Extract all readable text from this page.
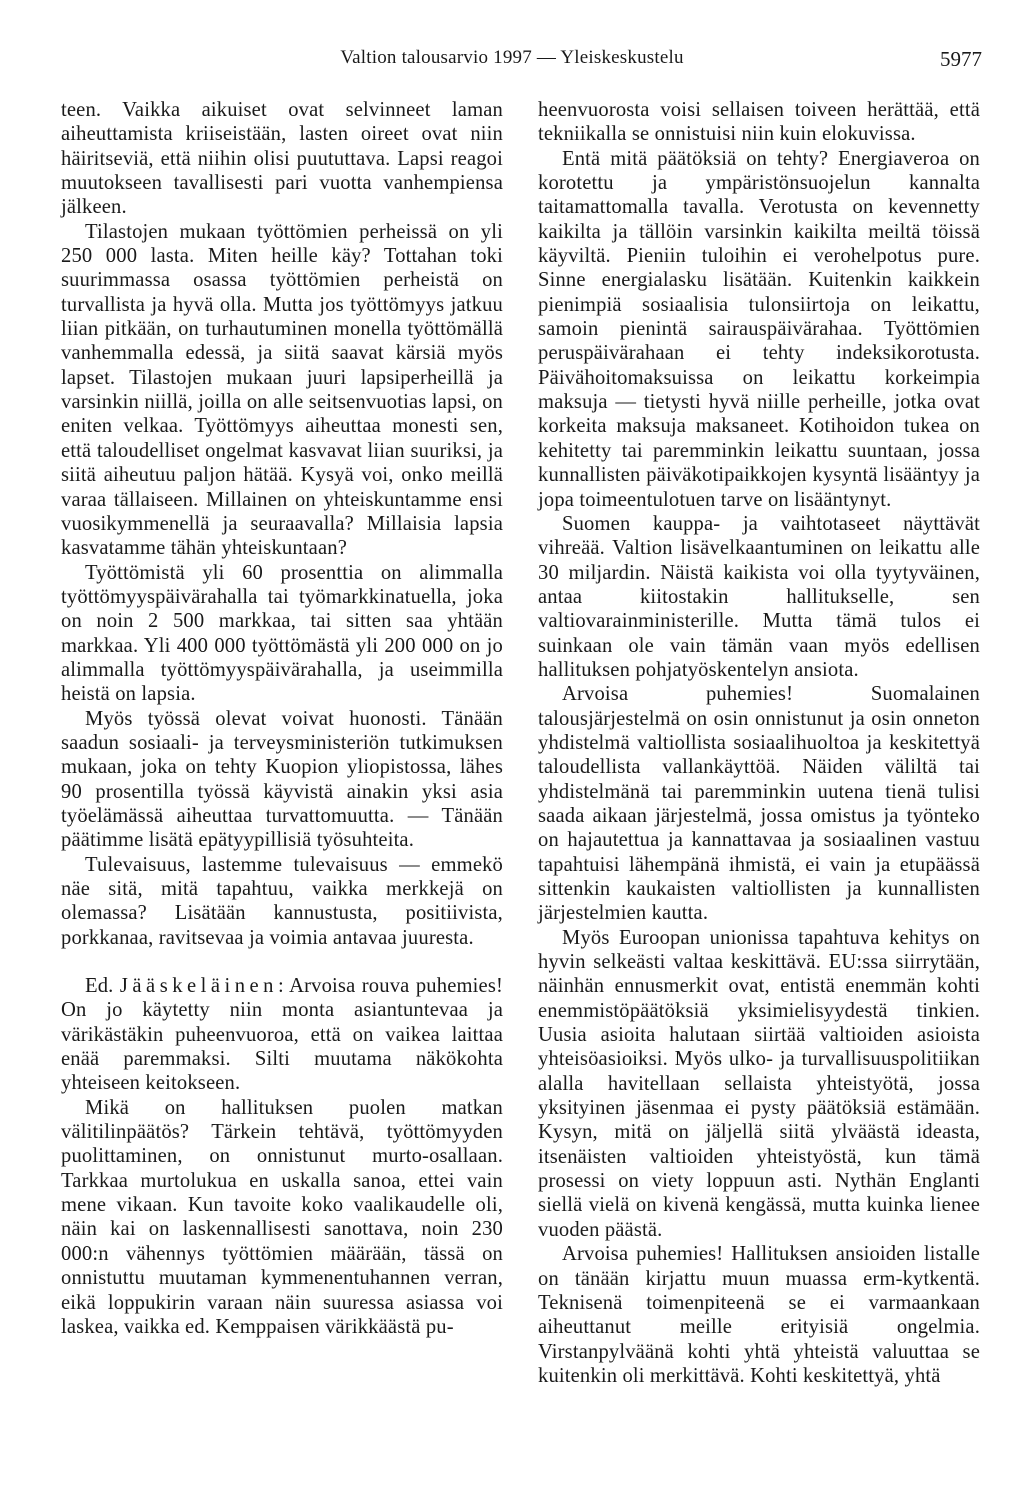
Valtion talousarvio 1997 — Yleiskeskustelu	5977

teen. Vaikka aikuiset ovat selvinneet laman aiheuttamista kriiseistään, lasten oireet ovat niin häiritseviä, että niihin olisi puututtava. Lapsi reagoi muutokseen tavallisesti pari vuotta vanhempiensa jälkeen.

Tilastojen mukaan työttömien perheissä on yli 250 000 lasta. Miten heille käy? Tottahan toki suurimmassa osassa työttömien perheistä on turvallista ja hyvä olla. Mutta jos työttömyys jatkuu liian pitkään, on turhautuminen monella työttömällä vanhemmalla edessä, ja siitä saavat kärsiä myös lapset. Tilastojen mukaan juuri lapsiperheillä ja varsinkin niillä, joilla on alle seitsenvuotias lapsi, on eniten velkaa. Työttömyys aiheuttaa monesti sen, että taloudelliset ongelmat kasvavat liian suuriksi, ja siitä aiheutuu paljon hätää. Kysyä voi, onko meillä varaa tällaiseen. Millainen on yhteiskuntamme ensi vuosikymmenellä ja seuraavalla? Millaisia lapsia kasvatamme tähän yhteiskuntaan?

Työttömistä yli 60 prosenttia on alimmalla työttömyyspäivärahalla tai työmarkkinatuella, joka on noin 2 500 markkaa, tai sitten saa yhtään markkaa. Yli 400 000 työttömästä yli 200 000 on jo alimmalla työttömyyspäivärahalla, ja useimmilla heistä on lapsia.

Myös työssä olevat voivat huonosti. Tänään saadun sosiaali- ja terveysministeriön tutkimuksen mukaan, joka on tehty Kuopion yliopistossa, lähes 90 prosentilla työssä käyvistä ainakin yksi asia työelämässä aiheuttaa turvattomuutta. — Tänään päätimme lisätä epätyypillisiä työsuhteita.

Tulevaisuus, lastemme tulevaisuus — emmekö näe sitä, mitä tapahtuu, vaikka merkkejä on olemassa? Lisätään kannustusta, positiivista, porkkanaa, ravitsevaa ja voimia antavaa juuresta.

Ed. Jääskeläinen: Arvoisa rouva puhemies! On jo käytetty niin monta asiantuntevaa ja värikästäkin puheenvuoroa, että on vaikea laittaa enää paremmaksi. Silti muutama näkökohta yhteiseen keitokseen.

Mikä on hallituksen puolen matkan välitilinpäätös? Tärkein tehtävä, työttömyyden puolittaminen, on onnistunut murto-osallaan. Tarkkaa murtolukua en uskalla sanoa, ettei vain mene vikaan. Kun tavoite koko vaalikaudelle oli, näin kai on laskennallisesti sanottava, noin 230 000:n vähennys työttömien määrään, tässä on onnistuttu muutaman kymmenentuhannen verran, eikä loppukirin varaan näin suuressa asiassa voi laskea, vaikka ed. Kemppaisen värikkäästä pu-

heenvuorosta voisi sellaisen toiveen herättää, että tekniikalla se onnistuisi niin kuin elokuvissa.

Entä mitä päätöksiä on tehty? Energiaveroa on korotettu ja ympäristönsuojelun kannalta taitamattomalla tavalla. Verotusta on kevennetty kaikilta ja tällöin varsinkin kaikilta meiltä töissä käyviltä. Pieniin tuloihin ei verohelpotus pure. Sinne energialasku lisätään. Kuitenkin kaikkein pienimpiä sosiaalisia tulonsiirtoja on leikattu, samoin pienintä sairauspäivärahaa. Työttömien peruspäivärahaan ei tehty indeksikorotusta. Päivähoitomaksuissa on leikattu korkeimpia maksuja — tietysti hyvä niille perheille, jotka ovat korkeita maksuja maksaneet. Kotihoidon tukea on kehitetty tai paremminkin leikattu suuntaan, jossa kunnallisten päiväkotipaikkojen kysyntä lisääntyy ja jopa toimeentulotuen tarve on lisääntynyt.

Suomen kauppa- ja vaihtotaseet näyttävät vihreää. Valtion lisävelkaantuminen on leikattu alle 30 miljardin. Näistä kaikista voi olla tyytyväinen, antaa kiitostakin hallitukselle, sen valtiovarainministerille. Mutta tämä tulos ei suinkaan ole vain tämän vaan myös edellisen hallituksen pohjatyöskentelyn ansiota.

Arvoisa puhemies! Suomalainen talousjärjestelmä on osin onnistunut ja osin onneton yhdistelmä valtiollista sosiaalihuoltoa ja keskitettyä taloudellista vallankäyttöä. Näiden väliltä tai yhdistelmänä tai paremminkin uutena tienä tulisi saada aikaan järjestelmä, jossa omistus ja työnteko on hajautettua ja kannattavaa ja sosiaalinen vastuu tapahtuisi lähempänä ihmistä, ei vain ja etupäässä sittenkin kaukaisten valtiollisten ja kunnallisten järjestelmien kautta.

Myös Euroopan unionissa tapahtuva kehitys on hyvin selkeästi valtaa keskittävä. EU:ssa siirrytään, näinhän ennusmerkit ovat, entistä enemmän kohti enemmistöpäätöksiä yksimielisyydestä tinkien. Uusia asioita halutaan siirtää valtioiden asioista yhteisöasioiksi. Myös ulko- ja turvallisuuspolitiikan alalla havitellaan sellaista yhteistyötä, jossa yksityinen jäsenmaa ei pysty päätöksiä estämään. Kysyn, mitä on jäljellä siitä ylväästä ideasta, itsenäisten valtioiden yhteistyöstä, kun tämä prosessi on viety loppuun asti. Nythän Englanti siellä vielä on kivenä kengässä, mutta kuinka lienee vuoden päästä.

Arvoisa puhemies! Hallituksen ansioiden listalle on tänään kirjattu muun muassa erm-kytkentä. Teknisenä toimenpiteenä se ei varmaankaan aiheuttanut meille erityisiä ongelmia. Virstanpylväänä kohti yhtä yhteistä valuuttaa se kuitenkin oli merkittävä. Kohti keskitettyä, yhtä
